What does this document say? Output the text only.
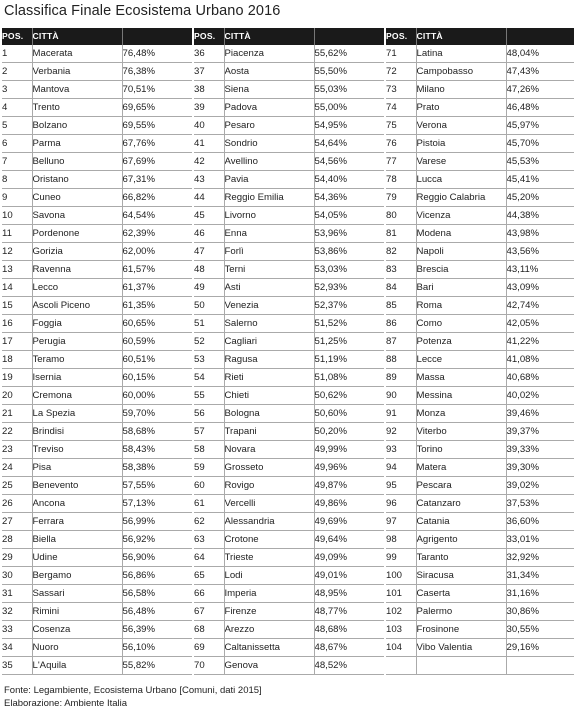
Classifica Finale Ecosistema Urbano 2016
POS.	CITTÀ	
1	Macerata	76,48%
2	Verbania	76,38%
3	Mantova	70,51%
4	Trento	69,65%
5	Bolzano	69,55%
6	Parma	67,76%
7	Belluno	67,69%
8	Oristano	67,31%
9	Cuneo	66,82%
10	Savona	64,54%
11	Pordenone	62,39%
12	Gorizia	62,00%
13	Ravenna	61,57%
14	Lecco	61,37%
15	Ascoli Piceno	61,35%
16	Foggia	60,65%
17	Perugia	60,59%
18	Teramo	60,51%
19	Isernia	60,15%
20	Cremona	60,00%
21	La Spezia	59,70%
22	Brindisi	58,68%
23	Treviso	58,43%
24	Pisa	58,38%
25	Benevento	57,55%
26	Ancona	57,13%
27	Ferrara	56,99%
28	Biella	56,92%
29	Udine	56,90%
30	Bergamo	56,86%
31	Sassari	56,58%
32	Rimini	56,48%
33	Cosenza	56,39%
34	Nuoro	56,10%
35	L'Aquila	55,82%
POS.	CITTÀ	
36	Piacenza	55,62%
37	Aosta	55,50%
38	Siena	55,03%
39	Padova	55,00%
40	Pesaro	54,95%
41	Sondrio	54,64%
42	Avellino	54,56%
43	Pavia	54,40%
44	Reggio Emilia	54,36%
45	Livorno	54,05%
46	Enna	53,96%
47	Forlì	53,86%
48	Terni	53,03%
49	Asti	52,93%
50	Venezia	52,37%
51	Salerno	51,52%
52	Cagliari	51,25%
53	Ragusa	51,19%
54	Rieti	51,08%
55	Chieti	50,62%
56	Bologna	50,60%
57	Trapani	50,20%
58	Novara	49,99%
59	Grosseto	49,96%
60	Rovigo	49,87%
61	Vercelli	49,86%
62	Alessandria	49,69%
63	Crotone	49,64%
64	Trieste	49,09%
65	Lodi	49,01%
66	Imperia	48,95%
67	Firenze	48,77%
68	Arezzo	48,68%
69	Caltanissetta	48,67%
70	Genova	48,52%
POS.	CITTÀ	
71	Latina	48,04%
72	Campobasso	47,43%
73	Milano	47,26%
74	Prato	46,48%
75	Verona	45,97%
76	Pistoia	45,70%
77	Varese	45,53%
78	Lucca	45,41%
79	Reggio Calabria	45,20%
80	Vicenza	44,38%
81	Modena	43,98%
82	Napoli	43,56%
83	Brescia	43,11%
84	Bari	43,09%
85	Roma	42,74%
86	Como	42,05%
87	Potenza	41,22%
88	Lecce	41,08%
89	Massa	40,68%
90	Messina	40,02%
91	Monza	39,46%
92	Viterbo	39,37%
93	Torino	39,33%
94	Matera	39,30%
95	Pescara	39,02%
96	Catanzaro	37,53%
97	Catania	36,60%
98	Agrigento	33,01%
99	Taranto	32,92%
100	Siracusa	31,34%
101	Caserta	31,16%
102	Palermo	30,86%
103	Frosinone	30,55%
104	Vibo Valentia	29,16%

Fonte: Legambiente, Ecosistema Urbano [Comuni, dati 2015]
Elaborazione: Ambiente Italia
